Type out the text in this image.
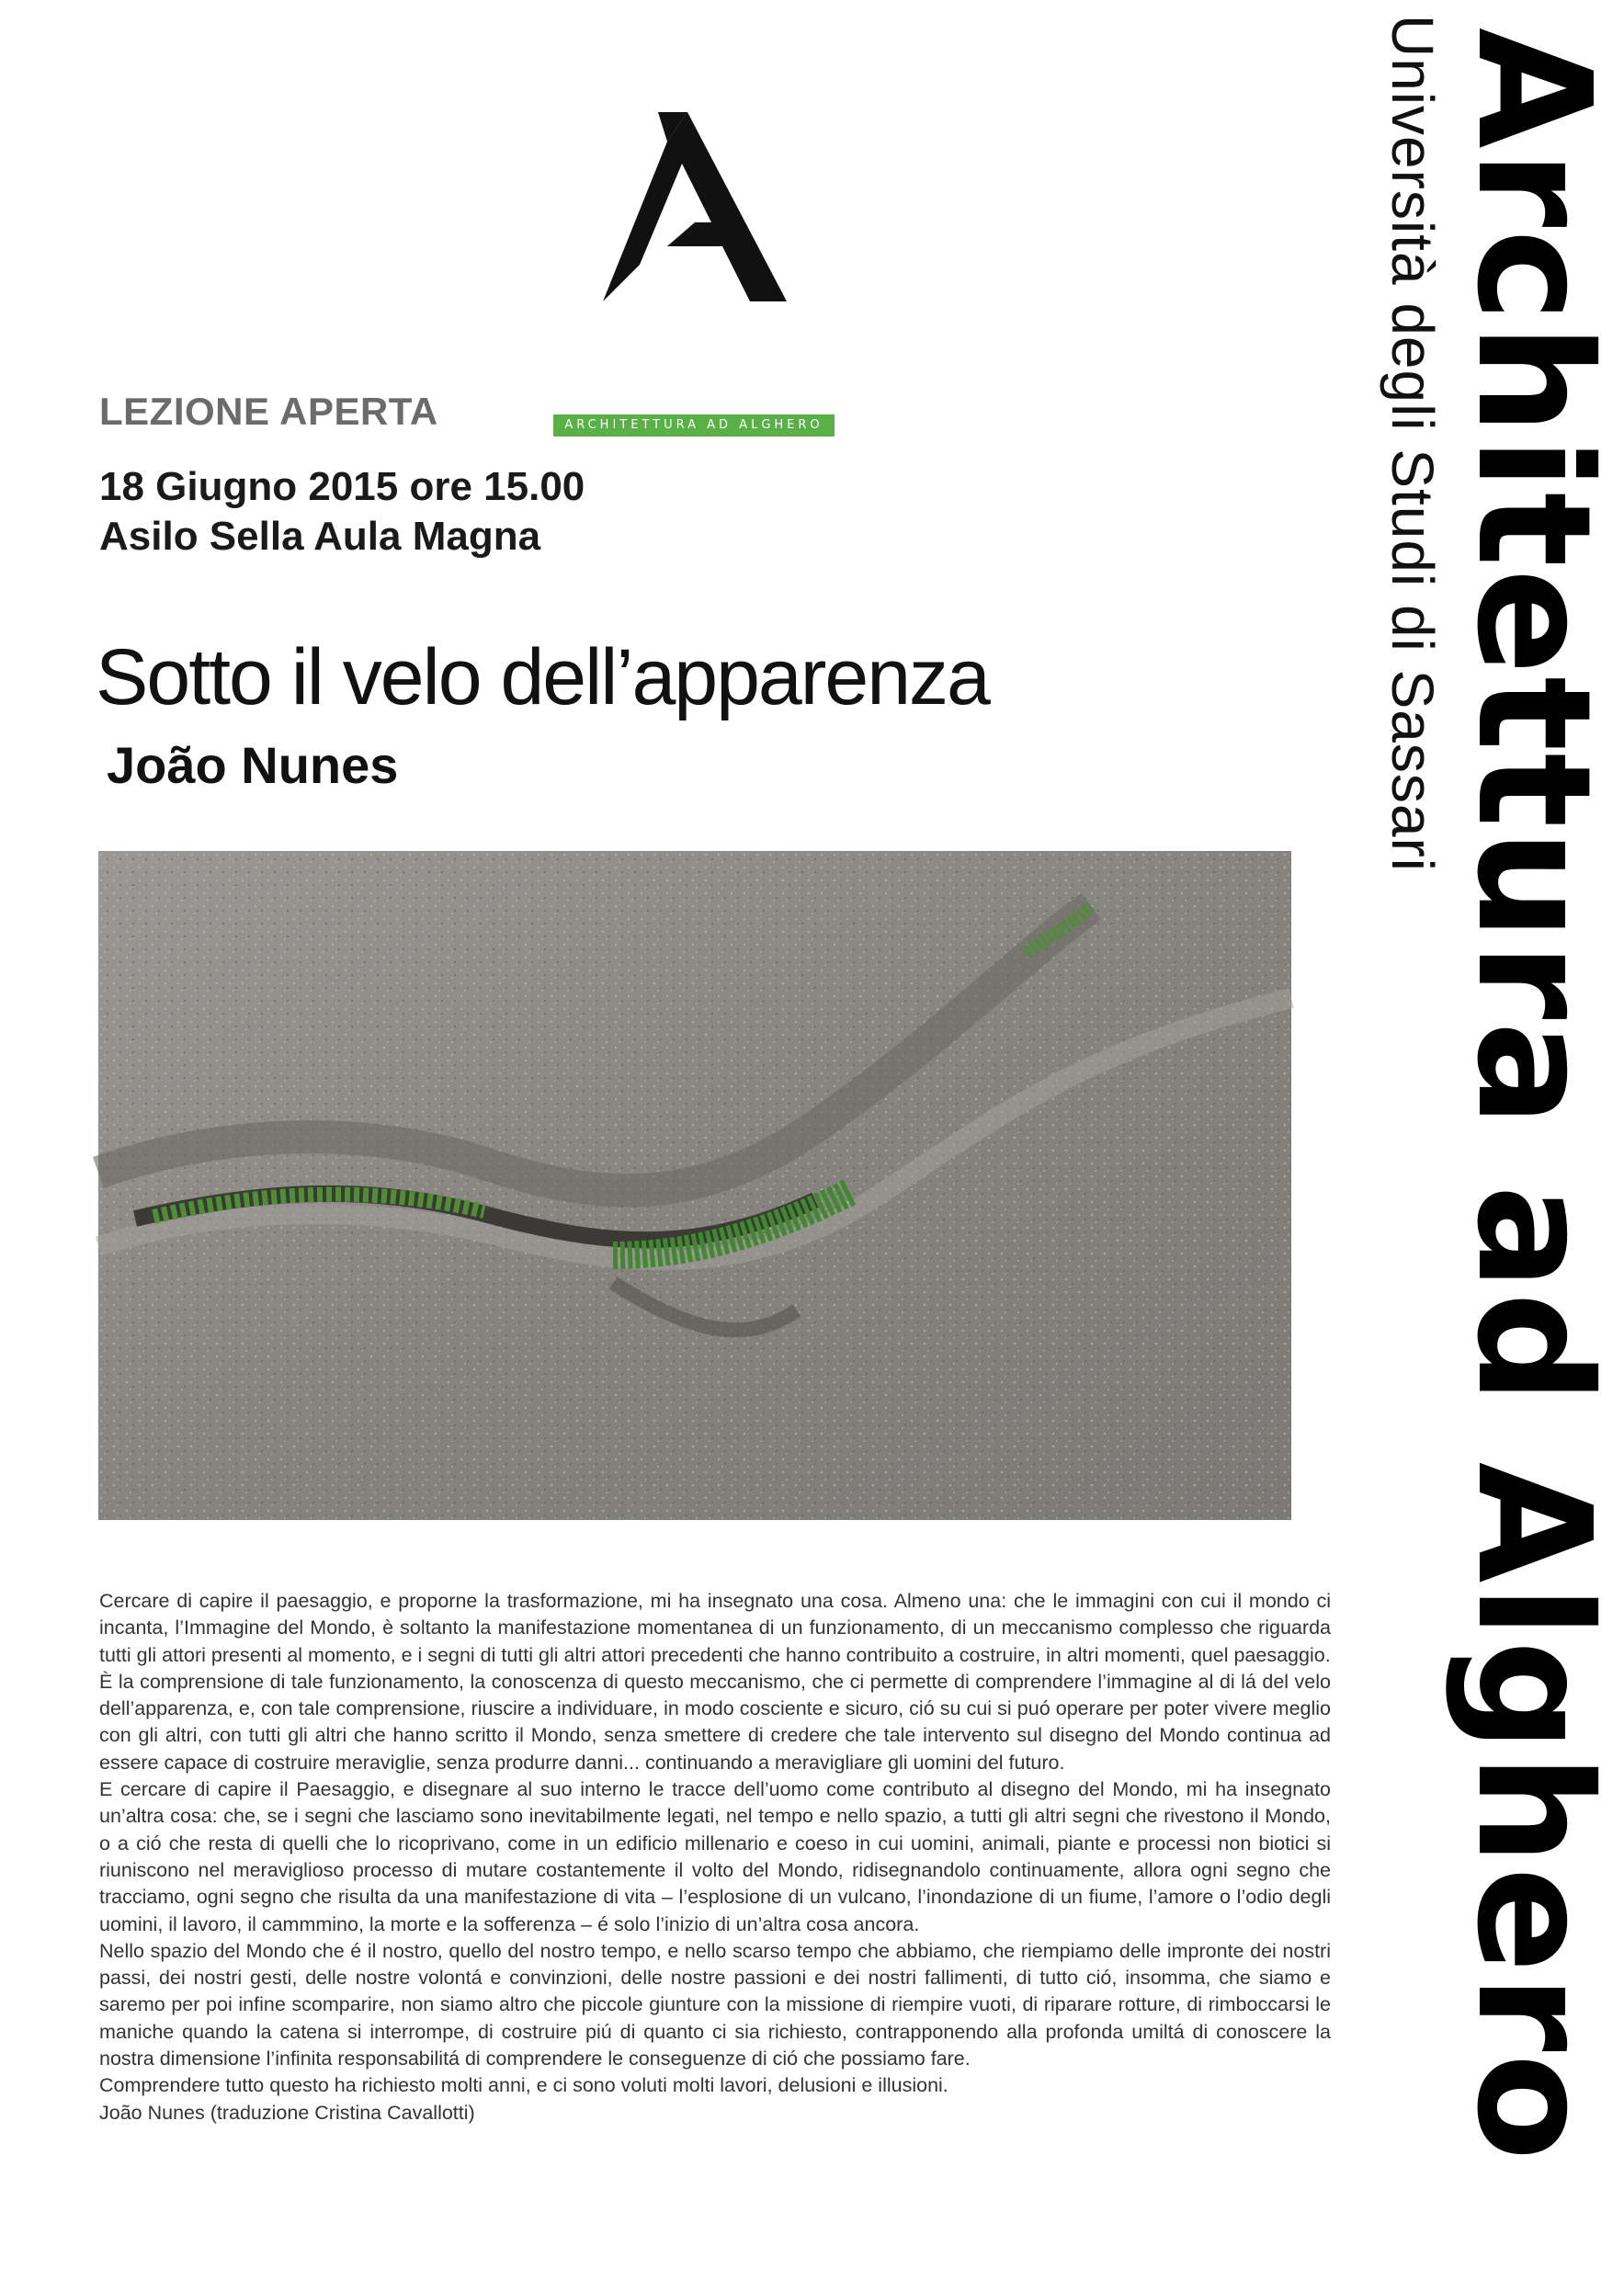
ARCHITETTURA AD ALGHERO
LEZIONE APERTA
18 Giugno 2015 ore 15.00
Asilo Sella Aula Magna
Sotto il velo dell’apparenza
João Nunes

Cercare di capire il paesaggio, e proporne la trasformazione, mi ha insegnato una cosa. Almeno una: che le immagini con cui il mondo ci incanta, l’Immagine del Mondo, è soltanto la manifestazione momentanea di un funzionamento, di un meccanismo complesso che riguarda tutti gli attori presenti al momento, e i segni di tutti gli altri attori precedenti che hanno contribuito a costruire, in altri momenti, quel paesaggio.

È la comprensione di tale funzionamento, la conoscenza di questo meccanismo, che ci permette di comprendere l’immagine al di lá del velo dell’apparenza, e, con tale comprensione, riuscire a individuare, in modo cosciente e sicuro, ció su cui si puó operare per poter vivere meglio con gli altri, con tutti gli altri che hanno scritto il Mondo, senza smettere di credere che tale intervento sul disegno del Mondo continua ad essere capace di costruire meraviglie, senza produrre danni... continuando a meravigliare gli uomini del futuro.

E cercare di capire il Paesaggio, e disegnare al suo interno le tracce dell’uomo come contributo al disegno del Mondo, mi ha insegnato un’altra cosa: che, se i segni che lasciamo sono inevitabilmente legati, nel tempo e nello spazio, a tutti gli altri segni che rivestono il Mondo, o a ció che resta di quelli che lo ricoprivano, come in un edificio millenario e coeso in cui uomini, animali, piante e processi non biotici si riuniscono nel meraviglioso processo di mutare costantemente il volto del Mondo, ridisegnandolo continuamente, allora ogni segno che tracciamo, ogni segno che risulta da una manifestazione di vita – l’esplosione di un vulcano, l’inondazione di un fiume, l’amore o l’odio degli uomini, il lavoro, il cammmino, la morte e la sofferenza – é solo l’inizio di un’altra cosa ancora.

Nello spazio del Mondo che é il nostro, quello del nostro tempo, e nello scarso tempo che abbiamo, che riempiamo delle impronte dei nostri passi, dei nostri gesti, delle nostre volontá e convinzioni, delle nostre passioni e dei nostri fallimenti, di tutto ció, insomma, che siamo e saremo per poi infine scomparire, non siamo altro che piccole giunture con la missione di riempire vuoti, di riparare rotture, di rimboccarsi le maniche quando la catena si interrompe, di costruire piú di quanto ci sia richiesto, contrapponendo alla profonda umiltá di conoscere la nostra dimensione l’infinita responsabilitá di comprendere le conseguenze di ció che possiamo fare.

Comprendere tutto questo ha richiesto molti anni, e ci sono voluti molti lavori, delusioni e illusioni.

João Nunes (traduzione Cristina Cavallotti)

Università degli Studi di Sassari
Architettura ad Alghero
